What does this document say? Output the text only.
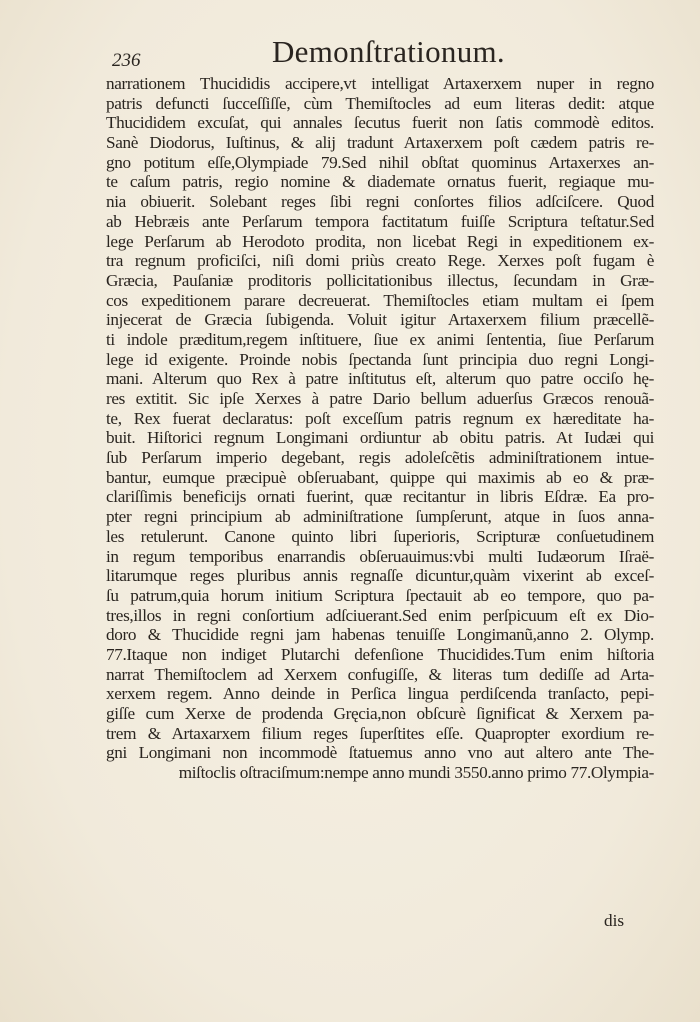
236	Demonſtrationum.
narrationem Thucididis accipere,vt intelligat Artaxerxem nuper in regno
patris defuncti ſucceſſiſſe, cùm Themiſtocles ad eum literas dedit: atque
Thucididem excuſat, qui annales ſecutus fuerit non ſatis commodè editos.
Sanè Diodorus, Iuſtinus, & alij tradunt Artaxerxem poſt cædem patris re-
gno potitum eſſe,Olympiade 79.Sed nihil obſtat quominus Artaxerxes an-
te caſum patris, regio nomine & diademate ornatus fuerit, regiaque mu-
nia obiuerit. Solebant reges ſibi regni conſortes filios adſciſcere. Quod
ab Hebræis ante Perſarum tempora factitatum fuiſſe Scriptura teſtatur.Sed
lege Perſarum ab Herodoto prodita, non licebat Regi in expeditionem ex-
tra regnum proficiſci, niſi domi priùs creato Rege. Xerxes poſt fugam è
Græcia, Pauſaniæ proditoris pollicitationibus illectus, ſecundam in Græ-
cos expeditionem parare decreuerat. Themiſtocles etiam multam ei ſpem
injecerat de Græcia ſubigenda. Voluit igitur Artaxerxem filium præcellẽ-
ti indole præditum,regem inſtituere, ſiue ex animi ſententia, ſiue Perſarum
lege id exigente. Proinde nobis ſpectanda ſunt principia duo regni Longi-
mani. Alterum quo Rex à patre inſtitutus eſt, alterum quo patre occiſo hę-
res extitit. Sic ipſe Xerxes à patre Dario bellum aduerſus Græcos renouã-
te, Rex fuerat declaratus: poſt exceſſum patris regnum ex hæreditate ha-
buit. Hiſtorici regnum Longimani ordiuntur ab obitu patris. At Iudæi qui
ſub Perſarum imperio degebant, regis adoleſcẽtis adminiſtrationem intue-
bantur, eumque præcipuè obſeruabant, quippe qui maximis ab eo & præ-
clariſſimis beneficijs ornati fuerint, quæ recitantur in libris Eſdræ. Ea pro-
pter regni principium ab adminiſtratione ſumpſerunt, atque in ſuos anna-
les retulerunt. Canone quinto libri ſuperioris, Scripturæ conſuetudinem
in regum temporibus enarrandis obſeruauimus:vbi multi Iudæorum Iſraë-
litarumque reges pluribus annis regnaſſe dicuntur,quàm vixerint ab exceſ-
ſu patrum,quia horum initium Scriptura ſpectauit ab eo tempore, quo pa-
tres,illos in regni conſortium adſciuerant.Sed enim perſpicuum eſt ex Dio-
doro & Thucidide regni jam habenas tenuiſſe Longimanũ,anno 2. Olymp.
77.Itaque non indiget Plutarchi defenſione Thucidides.Tum enim hiſtoria
narrat Themiſtoclem ad Xerxem confugiſſe, & literas tum dediſſe ad Arta-
xerxem regem. Anno deinde in Perſica lingua perdiſcenda tranſacto, pepi-
giſſe cum Xerxe de prodenda Gręcia,non obſcurè ſignificat & Xerxem pa-
trem & Artaxarxem filium reges ſuperſtites eſſe. Quapropter exordium re-
gni Longimani non incommodè ſtatuemus anno vno aut altero ante The-
miſtoclis oſtraciſmum:nempe anno mundi 3550.anno primo 77.Olympia-
dis
